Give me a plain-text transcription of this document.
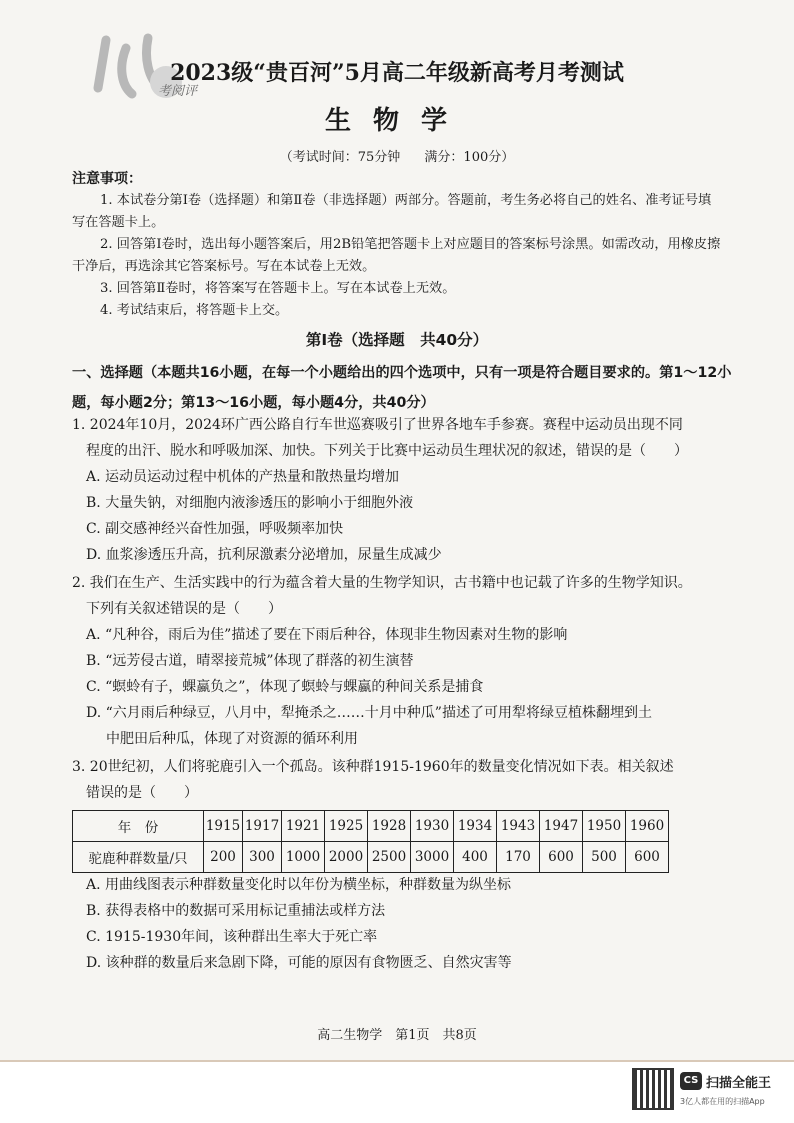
考阅评
2023级“贵百河”5月高二年级新高考月考测试
生物学
（考试时间：75分钟 满分：100分）
注意事项：

1. 本试卷分第Ⅰ卷（选择题）和第Ⅱ卷（非选择题）两部分。答题前，考生务必将自己的姓名、准考证号填写在答题卡上。

2. 回答第Ⅰ卷时，选出每小题答案后，用2B铅笔把答题卡上对应题目的答案标号涂黑。如需改动，用橡皮擦干净后，再选涂其它答案标号。写在本试卷上无效。

3. 回答第Ⅱ卷时，将答案写在答题卡上。写在本试卷上无效。

4. 考试结束后，将答题卡上交。

第Ⅰ卷（选择题　共40分）
一、选择题（本题共16小题，在每一个小题给出的四个选项中，只有一项是符合题目要求的。第1～12小题，每小题2分；第13～16小题，每小题4分，共40分）

1. 2024年10月，2024环广西公路自行车世巡赛吸引了世界各地车手参赛。赛程中运动员出现不同

程度的出汗、脱水和呼吸加深、加快。下列关于比赛中运动员生理状况的叙述，错误的是（　　）

A. 运动员运动过程中机体的产热量和散热量均增加

B. 大量失钠，对细胞内液渗透压的影响小于细胞外液

C. 副交感神经兴奋性加强，呼吸频率加快

D. 血浆渗透压升高，抗利尿激素分泌增加，尿量生成减少

2. 我们在生产、生活实践中的行为蕴含着大量的生物学知识，古书籍中也记载了许多的生物学知识。

下列有关叙述错误的是（　　）

A. “凡种谷，雨后为佳”描述了要在下雨后种谷，体现非生物因素对生物的影响

B. “远芳侵古道，晴翠接荒城”体现了群落的初生演替

C. “螟蛉有子，蜾蠃负之”，体现了螟蛉与蜾蠃的种间关系是捕食

D. “六月雨后种绿豆，八月中，犁掩杀之……十月中种瓜”描述了可用犁将绿豆植株翻埋到土

中肥田后种瓜，体现了对资源的循环利用

3. 20世纪初，人们将驼鹿引入一个孤岛。该种群1915-1960年的数量变化情况如下表。相关叙述

错误的是（　　）

年　份	1915	1917	1921	1925	1928	1930	1934	1943	1947	1950	1960
驼鹿种群数量/只	200	300	1000	2000	2500	3000	400	170	600	500	600

A. 用曲线图表示种群数量变化时以年份为横坐标，种群数量为纵坐标

B. 获得表格中的数据可采用标记重捕法或样方法

C. 1915-1930年间，该种群出生率大于死亡率

D. 该种群的数量后来急剧下降，可能的原因有食物匮乏、自然灾害等

高二生物学　第1页　共8页
CS 扫描全能王
3亿人都在用的扫描App
